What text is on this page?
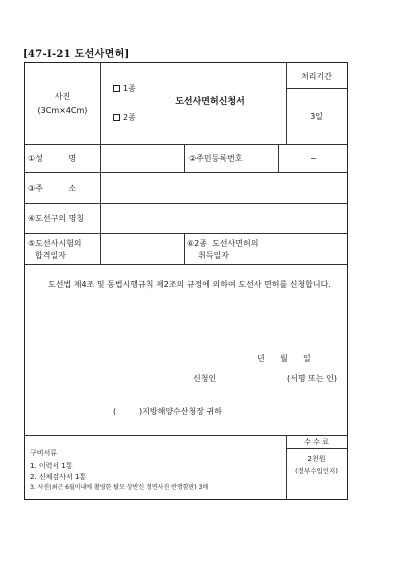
[47-I-21 도선사면허]
사진
(3Cm×4Cm)
1종
2종
도선사면허신청서
처리기간
3일
①성          명	②주민등록번호	~
③주          소
④도선구의 명칭
⑤도선사시험의
합격일자
⑥2종  도선사면허의
취득일자
도선법 제4조 및 동법시행규칙 제2조의 규정에 의하여 도선사 면허를 신청합니다.
년      월      일
신청인	(서명 또는 인)
(         )지방해양수산청장 귀하
구비서류
1. 이력서 1통
2. 신체검사서 1통
3. 사진(최근 6월이내에 촬영한 탈모 상반신 정면사진 반명함판) 3매
수 수 료
2천원
(정부수입인지)
